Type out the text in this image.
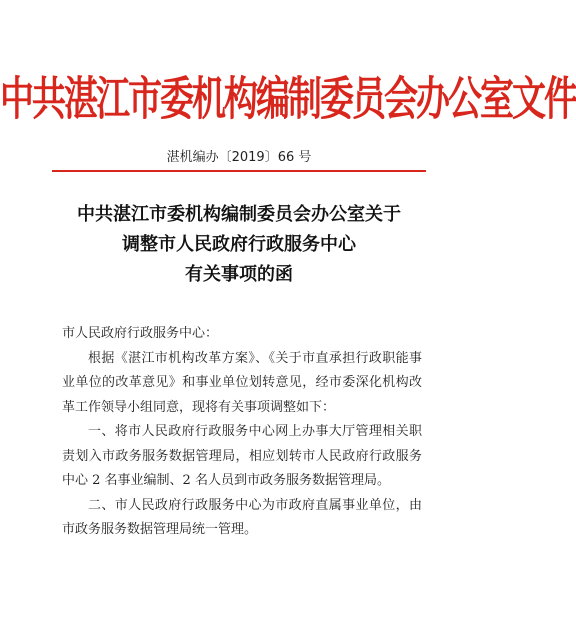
中共湛江市委机构编制委员会办公室文件
湛机编办〔2019〕66 号
中共湛江市委机构编制委员会办公室关于
调整市人民政府行政服务中心
有关事项的函

市人民政府行政服务中心：

根据《湛江市机构改革方案》、《关于市直承担行政职能事业单位的改革意见》和事业单位划转意见，经市委深化机构改革工作领导小组同意，现将有关事项调整如下：

一、将市人民政府行政服务中心网上办事大厅管理相关职责划入市政务服务数据管理局，相应划转市人民政府行政服务中心 2 名事业编制、2 名人员到市政务服务数据管理局。

二、市人民政府行政服务中心为市政府直属事业单位，由市政务服务数据管理局统一管理。
